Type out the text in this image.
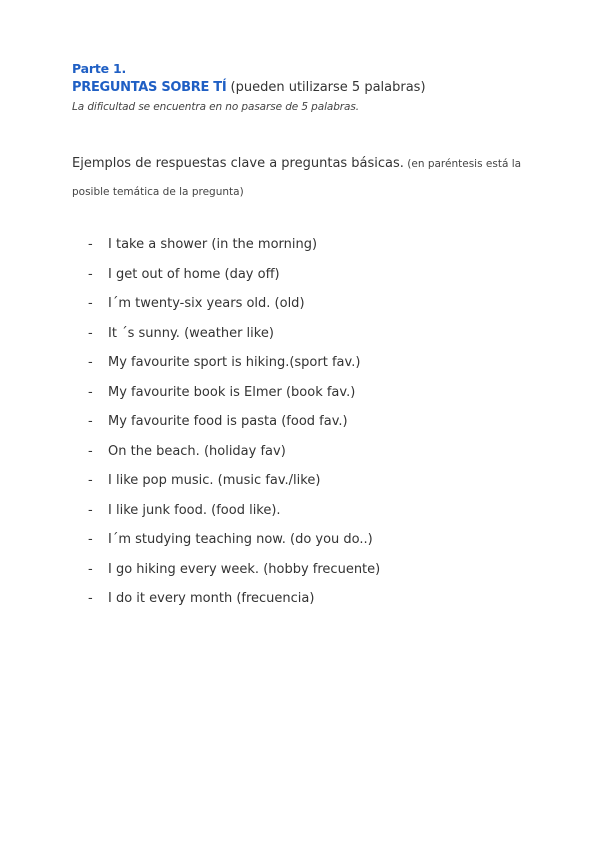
Parte 1.
PREGUNTAS SOBRE TÍ (pueden utilizarse 5 palabras)
La dificultad se encuentra en no pasarse de 5 palabras.
Ejemplos de respuestas clave a preguntas básicas. (en paréntesis está la posible temática de la pregunta)
-	I take a shower (in the morning)
-	I get out of home (day off)
-	I´m twenty-six years old. (old)
-	It ´s sunny. (weather like)
-	My favourite sport is hiking.(sport fav.)
-	My favourite book is Elmer (book fav.)
-	My favourite food is pasta (food fav.)
-	On the beach. (holiday fav)
-	I like pop music. (music fav./like)
-	I like junk food. (food like).
-	I´m studying teaching now. (do you do..)
-	I go hiking every week. (hobby frecuente)
-	I do it every month (frecuencia)
